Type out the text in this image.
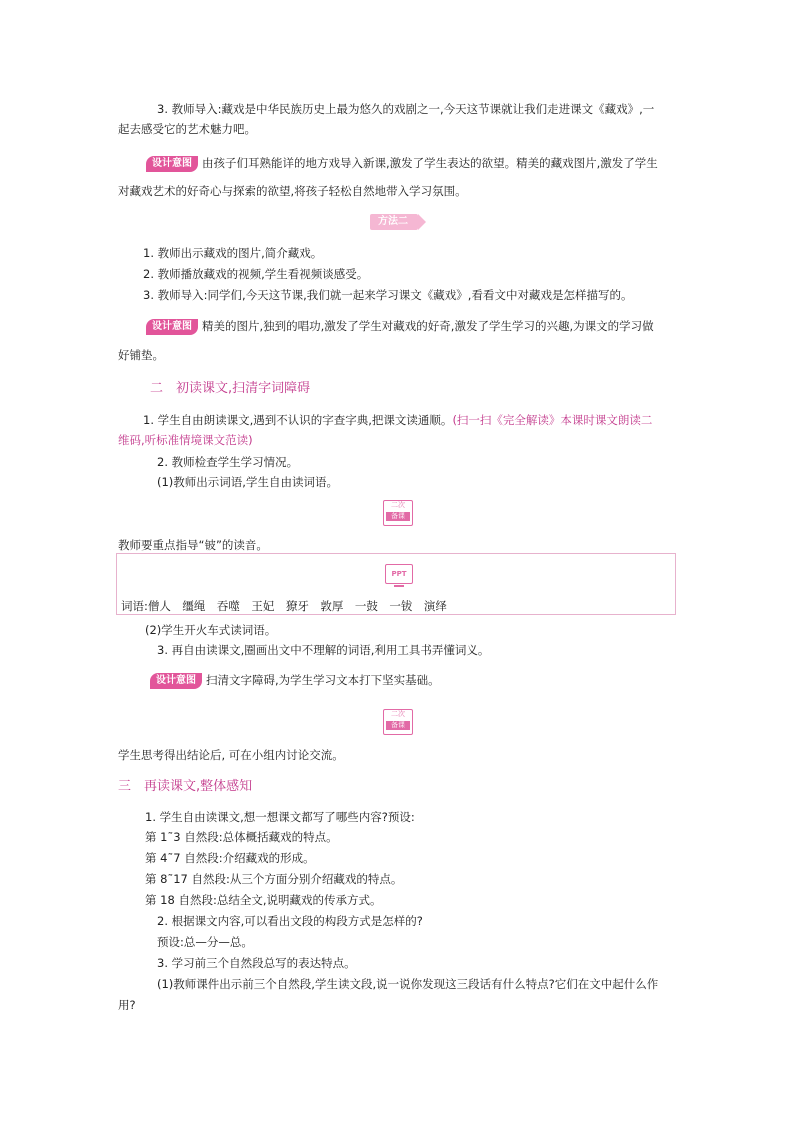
3. 教师导入:藏戏是中华民族历史上最为悠久的戏剧之一,今天这节课就让我们走进课文《藏戏》,一
起去感受它的艺术魅力吧。
设计意图 由孩子们耳熟能详的地方戏导入新课,激发了学生表达的欲望。精美的藏戏图片,激发了学生
对藏戏艺术的好奇心与探索的欲望,将孩子轻松自然地带入学习氛围。
方法二
1. 教师出示藏戏的图片,简介藏戏。
2. 教师播放藏戏的视频,学生看视频谈感受。
3. 教师导入:同学们,今天这节课,我们就一起来学习课文《藏戏》,看看文中对藏戏是怎样描写的。
设计意图 精美的图片,独到的唱功,激发了学生对藏戏的好奇,激发了学生学习的兴趣,为课文的学习做
好铺垫。
二　初读课文,扫清字词障碍
1. 学生自由朗读课文,遇到不认识的字查字典,把课文读通顺。(扫一扫《完全解读》本课时课文朗读二
维码,听标准情境课文范读)
2. 教师检查学生学习情况。
(1)教师出示词语,学生自由读词语。
二次
备课
教师要重点指导“铍”的读音。
PPT
词语:僧人　缰绳　吞噬　王妃　獠牙　敦厚　一鼓　一钹　演绎
(2)学生开火车式读词语。
3. 再自由读课文,圈画出文中不理解的词语,利用工具书弄懂词义。
设计意图 扫清文字障碍,为学生学习文本打下坚实基础。
二次
备课
学生思考得出结论后, 可在小组内讨论交流。
三　再读课文,整体感知
1. 学生自由读课文,想一想课文都写了哪些内容?预设:
第 1˜3 自然段:总体概括藏戏的特点。
第 4˜7 自然段:介绍藏戏的形成。
第 8˜17 自然段:从三个方面分别介绍藏戏的特点。
第 18 自然段:总结全文,说明藏戏的传承方式。
2. 根据课文内容,可以看出文段的构段方式是怎样的?
预设:总—分—总。
3. 学习前三个自然段总写的表达特点。
(1)教师课件出示前三个自然段,学生读文段,说一说你发现这三段话有什么特点?它们在文中起什么作
用?
